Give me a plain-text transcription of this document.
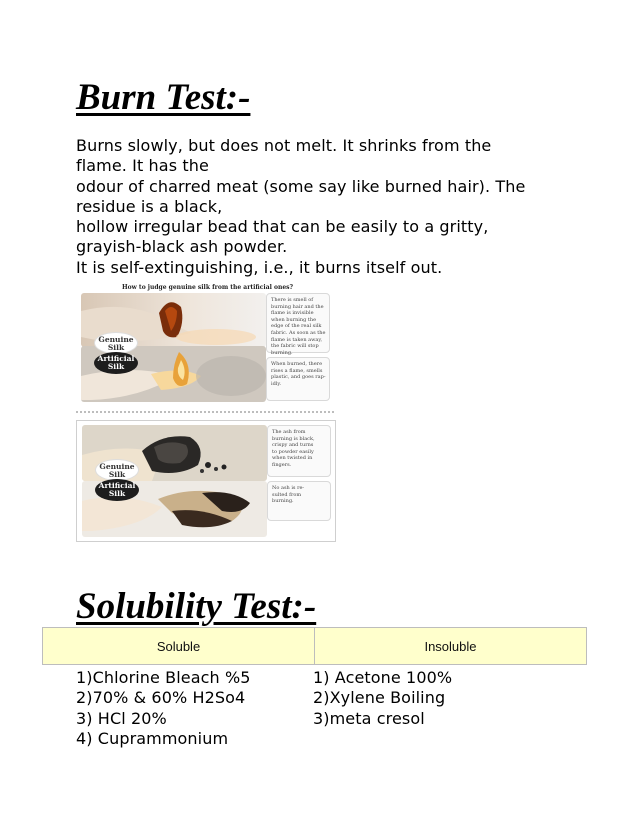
Burn Test:-
Burns slowly, but does not melt. It shrinks from the
flame. It has the
odour of charred meat (some say like burned hair). The
residue is a black,
hollow irregular bead that can be easily to a gritty,
grayish-black ash powder.
It is self-extinguishing, i.e., it burns itself out.
How to judge genuine silk from the artificial ones?
Genuine
Silk
Artificial
Silk
There is smell of
burning hair and the
flame is invisible
when burning the
edge of the real silk
fabric. As soon as the
flame is taken away,
the fabric will stop
burning.
When burned, there
rises a flame, smells
plastic, and goes rap-
idly.
Genuine
Silk
Artificial
Silk
The ash from
burning is black,
crispy and turns
to powder easily
when twisted in
fingers.
No ash is re-
sulted from
burning.
Solubility Test:-
Soluble	Insoluble
1)Chlorine Bleach %5
2)70% & 60% H2So4
3) HCl 20%
4) Cuprammonium
1) Acetone 100%
2)Xylene Boiling
3)meta cresol
